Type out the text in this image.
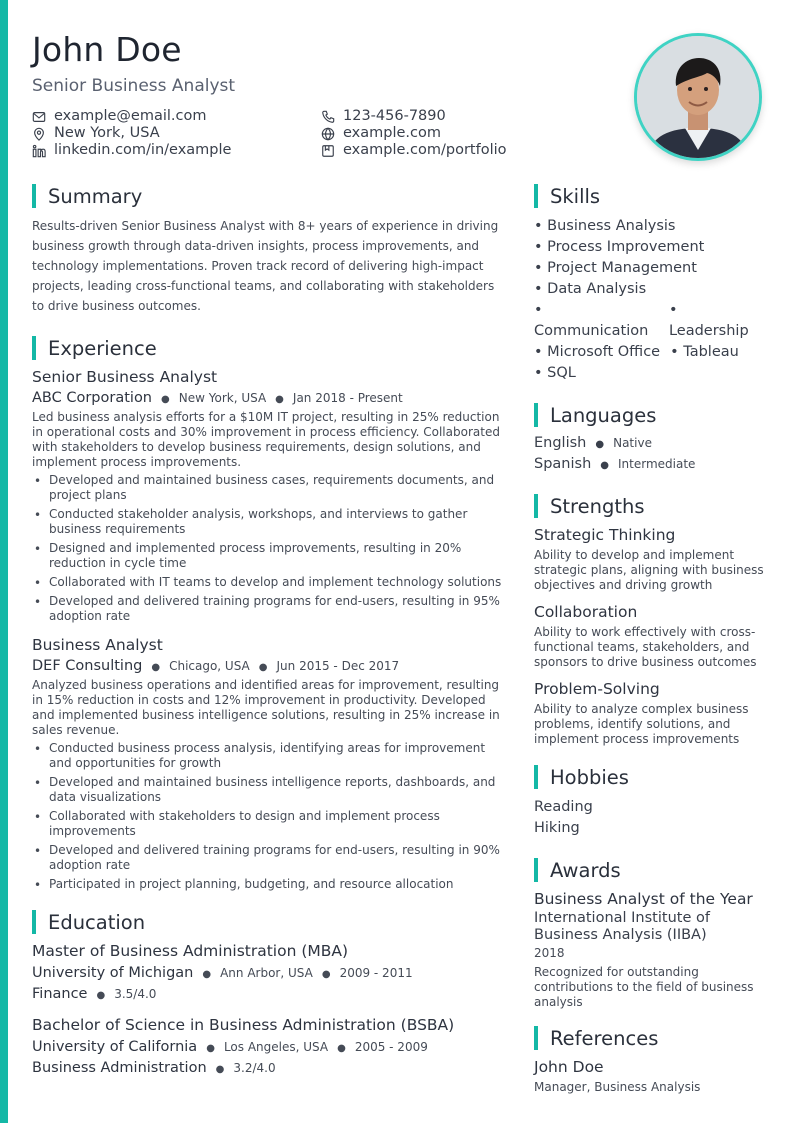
John Doe
Senior Business Analyst
example@email.com
New York, USA
linkedin.com/in/example
123-456-7890
example.com
example.com/portfolio
Summary
Results-driven Senior Business Analyst with 8+ years of experience in driving business growth through data-driven insights, process improvements, and technology implementations. Proven track record of delivering high-impact projects, leading cross-functional teams, and collaborating with stakeholders to drive business outcomes.
Experience
Senior Business Analyst
ABC Corporation ● New York, USA ● Jan 2018 - Present
Led business analysis efforts for a $10M IT project, resulting in 25% reduction in operational costs and 30% improvement in process efficiency. Collaborated with stakeholders to develop business requirements, design solutions, and implement process improvements.
• Developed and maintained business cases, requirements documents, and project plans
• Conducted stakeholder analysis, workshops, and interviews to gather business requirements
• Designed and implemented process improvements, resulting in 20% reduction in cycle time
• Collaborated with IT teams to develop and implement technology solutions
• Developed and delivered training programs for end-users, resulting in 95% adoption rate
Business Analyst
DEF Consulting ● Chicago, USA ● Jun 2015 - Dec 2017
Analyzed business operations and identified areas for improvement, resulting in 15% reduction in costs and 12% improvement in productivity. Developed and implemented business intelligence solutions, resulting in 25% increase in sales revenue.
• Conducted business process analysis, identifying areas for improvement and opportunities for growth
• Developed and maintained business intelligence reports, dashboards, and data visualizations
• Collaborated with stakeholders to design and implement process improvements
• Developed and delivered training programs for end-users, resulting in 90% adoption rate
• Participated in project planning, budgeting, and resource allocation
Education
Master of Business Administration (MBA)
University of Michigan ● Ann Arbor, USA ● 2009 - 2011
Finance ● 3.5/4.0
Bachelor of Science in Business Administration (BSBA)
University of California ● Los Angeles, USA ● 2005 - 2009
Business Administration ● 3.2/4.0
Skills
• Business Analysis
• Process Improvement
• Project Management
• Data Analysis
• Communication
• Leadership
• Microsoft Office • Tableau
• SQL
Languages
English ● Native
Spanish ● Intermediate
Strengths
Strategic Thinking
Ability to develop and implement strategic plans, aligning with business objectives and driving growth
Collaboration
Ability to work effectively with cross-functional teams, stakeholders, and sponsors to drive business outcomes
Problem-Solving
Ability to analyze complex business problems, identify solutions, and implement process improvements
Hobbies
Reading
Hiking
Awards
Business Analyst of the Year
International Institute of Business Analysis (IIBA)
2018
Recognized for outstanding contributions to the field of business analysis
References
John Doe
Manager, Business Analysis
